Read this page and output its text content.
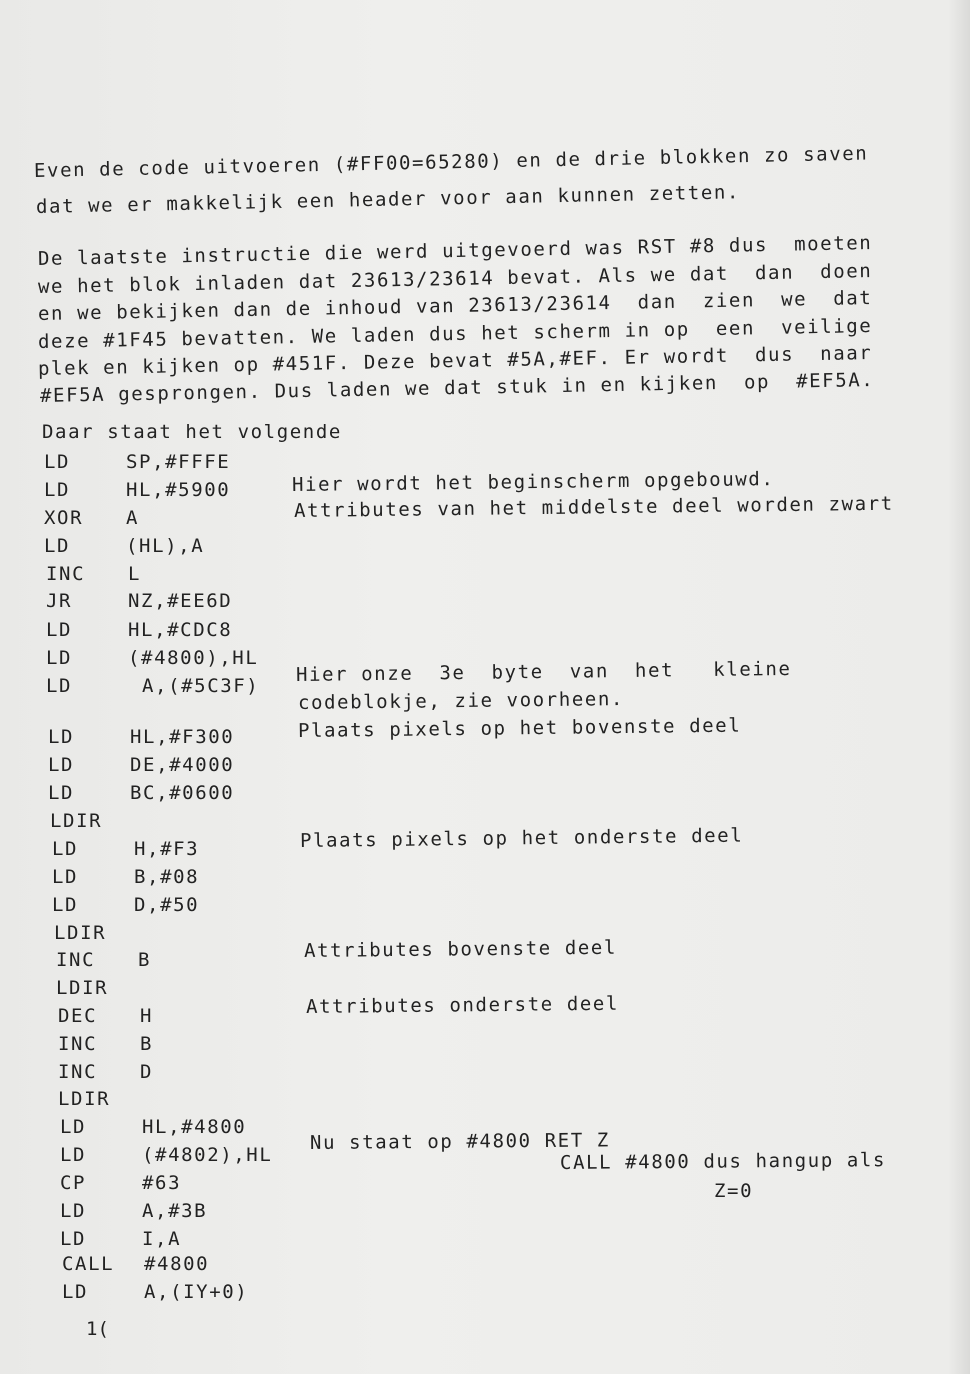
Even de code uitvoeren (#FF00=65280) en de drie blokken zo saven
dat we er makkelijk een header voor aan kunnen zetten.
De laatste instructie die werd uitgevoerd was RST #8 dus  moeten
we het blok inladen dat 23613/23614 bevat. Als we dat  dan  doen
en we bekijken dan de inhoud van 23613/23614  dan  zien  we  dat
deze #1F45 bevatten. We laden dus het scherm in op  een  veilige
plek en kijken op #451F. Deze bevat #5A,#EF. Er wordt  dus  naar
#EF5A gesprongen. Dus laden we dat stuk in en kijken  op  #EF5A.
Daar staat het volgende
LD	SP,#FFFE
LD	HL,#5900
XOR A
LD	(HL),A
INC L
JR	NZ,#EE6D
LD	HL,#CDC8
LD	(#4800),HL
LD	A,(#5C3F)
LD	HL,#F300
LD	DE,#4000
LD	BC,#0600
LDIR
LD	H,#F3
LD	B,#08
LD	D,#50
LDIR
INC B
LDIR
DEC H
INC B
INC D
LDIR
LD	HL,#4800
LD	(#4802),HL
CP	#63
LD	A,#3B
LD	I,A
CALL #4800
LD	A,(IY+0)
Hier wordt het beginscherm opgebouwd.
Attributes van het middelste deel worden zwart
Hier onze  3e  byte  van  het   kleine
codeblokje, zie voorheen.
Plaats pixels op het bovenste deel
Plaats pixels op het onderste deel
Attributes bovenste deel
Attributes onderste deel
Nu staat op #4800 RET Z
CALL #4800 dus hangup als
Z=0
1(
